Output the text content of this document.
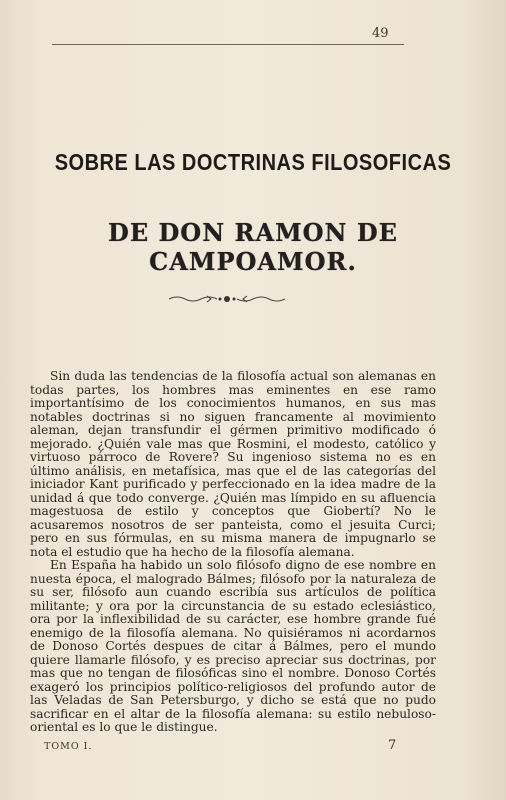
49
SOBRE LAS DOCTRINAS FILOSOFICAS
DE DON RAMON DE CAMPOAMOR.

Sin duda las tendencias de la filosofía actual son alemanas en todas partes, los hombres mas eminentes en ese ramo importantísimo de los conocimientos humanos, en sus mas notables doctrinas si no siguen francamente al movimiento aleman, dejan transfundir el gérmen primitivo modificado ó mejorado. ¿Quién vale mas que Rosmini, el modesto, católico y virtuoso párroco de Rovere? Su ingenioso sistema no es en último análisis, en metafísica, mas que el de las categorías del iniciador Kant purificado y perfeccionado en la idea madre de la unidad á que todo converge. ¿Quién mas límpido en su afluencia magestuosa de estilo y conceptos que Giobertí? No le acusaremos nosotros de ser panteista, como el jesuita Curci; pero en sus fórmulas, en su misma manera de impugnarlo se nota el estudio que ha hecho de la filosofía alemana.

En España ha habido un solo filósofo digno de ese nombre en nuesta época, el malogrado Bálmes; filósofo por la naturaleza de su ser, filósofo aun cuando escribía sus artículos de política militante; y ora por la circunstancia de su estado eclesiástico, ora por la inflexibilidad de su carácter, ese hombre grande fué enemigo de la filosofía alemana. No quisiéramos ni acordarnos de Donoso Cortés despues de citar á Bálmes, pero el mundo quiere llamarle filósofo, y es preciso apreciar sus doctrinas, por mas que no tengan de filosóficas sino el nombre. Donoso Cortés exageró los principios político-religiosos del profundo autor de las Veladas de San Petersburgo, y dicho se está que no pudo sacrificar en el altar de la filosofía alemana: su estilo nebuloso-oriental es lo que le distingue.

TOMO I.	7
